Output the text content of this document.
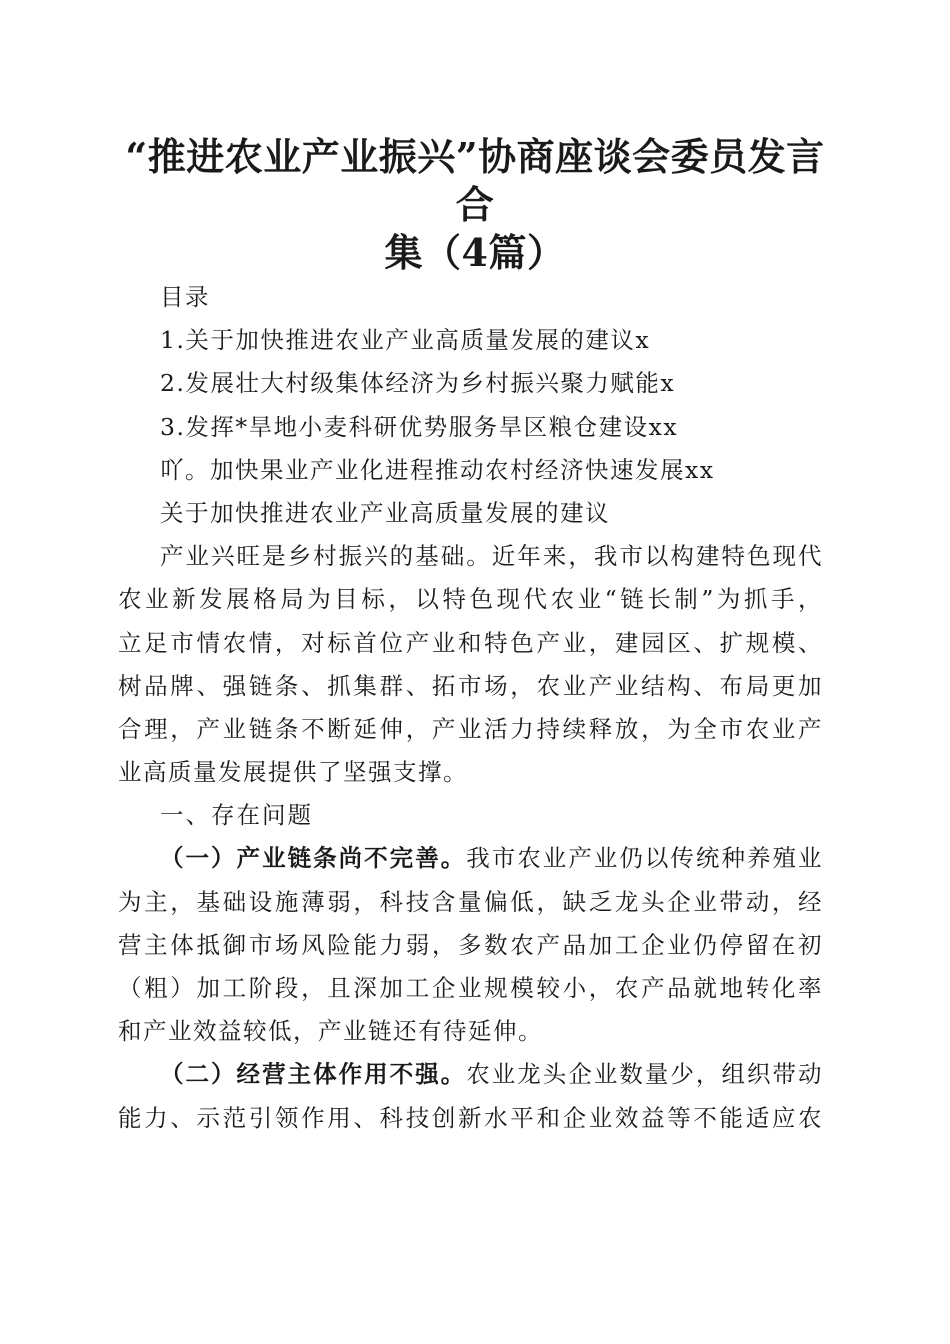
“推进农业产业振兴”协商座谈会委员发言合
集（4篇）
目录
1.关于加快推进农业产业高质量发展的建议x
2.发展壮大村级集体经济为乡村振兴聚力赋能x
3.发挥*旱地小麦科研优势服务旱区粮仓建设xx
吖。加快果业产业化进程推动农村经济快速发展xx
关于加快推进农业产业高质量发展的建议
产业兴旺是乡村振兴的基础。近年来，我市以构建特色现代
农业新发展格局为目标，以特色现代农业“链长制”为抓手，
立足市情农情，对标首位产业和特色产业，建园区、扩规模、
树品牌、强链条、抓集群、拓市场，农业产业结构、布局更加
合理，产业链条不断延伸，产业活力持续释放，为全市农业产
业高质量发展提供了坚强支撑。
一、存在问题
（一）产业链条尚不完善。我市农业产业仍以传统种养殖业
为主，基础设施薄弱，科技含量偏低，缺乏龙头企业带动，经
营主体抵御市场风险能力弱，多数农产品加工企业仍停留在初
（粗）加工阶段，且深加工企业规模较小，农产品就地转化率
和产业效益较低，产业链还有待延伸。
（二）经营主体作用不强。农业龙头企业数量少，组织带动
能力、示范引领作用、科技创新水平和企业效益等不能适应农
